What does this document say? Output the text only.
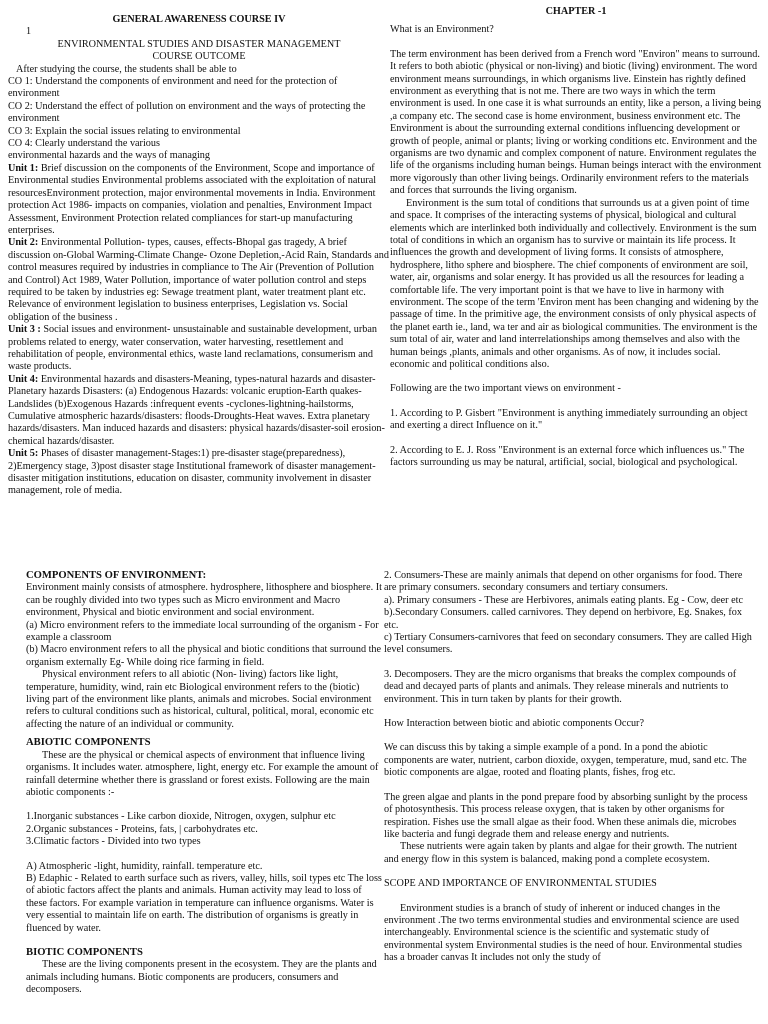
GENERAL AWARENESS COURSE IV

1

ENVIRONMENTAL STUDIES AND DISASTER MANAGEMENT

COURSE OUTCOME

After studying the course, the students shall be able to

CO 1: Understand the components of environment and need for the protection of environment

CO 2: Understand the effect of pollution on environment and the ways of protecting the environment

CO 3: Explain the social issues relating to environmental

CO 4: Clearly understand the various

environmental hazards and the ways of managing

Unit 1: Brief discussion on the components of the Environment, Scope and importance of Environmental studies Environmental problems associated with the exploitation of natural resourcesEnvironment protection, major environmental movements in India. Environment protection Act 1986- impacts on companies, violation and penalties, Environment Impact Assessment, Environment Protection related compliances for start-up manufacturing enterprises.

Unit 2: Environmental Pollution- types, causes, effects-Bhopal gas tragedy, A brief discussion on-Global Warming-Climate Change- Ozone Depletion,-Acid Rain, Standards and control measures required by industries in compliance to The Air (Prevention of Pollution and Control) Act 1989, Water Pollution, importance of water pollution control and steps required to be taken by industries eg: Sewage treatment plant, water treatment plant etc. Relevance of environment legislation to business enterprises, Legislation vs. Social obligation of the business .

Unit 3 : Social issues and environment- unsustainable and sustainable development, urban problems related to energy, water conservation, water harvesting, resettlement and rehabilitation of people, environmental ethics, waste land reclamations, consumerism and waste products.

Unit 4: Environmental hazards and disasters-Meaning, types-natural hazards and disaster-Planetary hazards Disasters: (a) Endogenous Hazards: volcanic eruption-Earth quakes-Landslides (b)Exogenous Hazards :infrequent events -cyclones-lightning-hailstorms, Cumulative atmospheric hazards/disasters: floods-Droughts-Heat waves. Extra planetary hazards/disasters. Man induced hazards and disasters: physical hazards/disaster-soil erosion-chemical hazards/disaster.

Unit 5: Phases of disaster management-Stages:1) pre-disaster stage(preparedness), 2)Emergency stage, 3)post disaster stage Institutional framework of disaster management-disaster mitigation institutions, education on disaster, community involvement in disaster management, role of media.

CHAPTER -1

What is an Environment?

The term environment has been derived from a French word "Environ" means to surround. It refers to both abiotic (physical or non-living) and biotic (living) environment. The word environment means surroundings, in which organisms live. Einstein has rightly defined environment as everything that is not me. There are two ways in which the term environment is used. In one case it is what surrounds an entity, like a person, a living being ,a company etc. The second case is home environment, business environment etc. The Environment is about the surrounding external conditions influencing development or growth of people, animal or plants; living or working conditions etc. Environment and the organisms are two dynamic and complex component of nature. Environment regulates the life of the organisms including human beings. Human beings interact with the environment more vigorously than other living beings. Ordinarily environment refers to the materials and forces that surrounds the living organism.

Environment is the sum total of conditions that surrounds us at a given point of time and space. It comprises of the interacting systems of physical, biological and cultural elements which are interlinked both individually and collectively. Environment is the sum total of conditions in which an organism has to survive or maintain its life process. It influences the growth and development of living forms. It consists of atmosphere, hydrosphere, litho sphere and biosphere. The chief components of environment are soil, water, air, organisms and solar energy. It has provided us all the resources for leading a comfortable life. The very important point is that we have to live in harmony with environment. The scope of the term 'Environ ment has been changing and widening by the passage of time. In the primitive age, the environment consists of only physical aspects of the planet earth ie., land, wa ter and air as biological communities. The environment is the sum total of air, water and land interrelationships among themselves and also with the human beings ,plants, animals and other organisms. As of now, it includes social. economic and political conditions also.

Following are the two important views on environment -

1. According to P. Gisbert "Environment is anything immediately surrounding an object and exerting a direct Influence on it."

2. According to E. J. Ross "Environment is an external force which influences us." The factors surrounding us may be natural, artificial, social, biological and psychological.

COMPONENTS OF ENVIRONMENT:

Environment mainly consists of atmosphere. hydrosphere, lithosphere and biosphere. It can be roughly divided into two types such as Micro environment and Macro environment, Physical and biotic environment and social environment.

(a) Micro environment refers to the immediate local surrounding of the organism - For example a classroom

(b) Macro environment refers to all the physical and biotic conditions that surround the organism externally Eg- While doing rice farming in field.

Physical environment refers to all abiotic (Non- living) factors like light, temperature, humidity, wind, rain etc Biological environment refers to the (biotic) living part of the environment like plants, animals and microbes. Social environment refers to cultural conditions such as historical, cultural, political, moral, economic etc affecting the nature of an individual or community.

ABIOTIC COMPONENTS

These are the physical or chemical aspects of environment that influence living organisms. It includes water. atmosphere, light, energy etc. For example the amount of rainfall determine whether there is grassland or forest exists. Following are the main abiotic components :-

1.Inorganic substances - Like carbon dioxide, Nitrogen, oxygen, sulphur etc

2.Organic substances - Proteins, fats, | carbohydrates etc.

3.Climatic factors - Divided into two types

A) Atmospheric -light, humidity, rainfall. temperature etc.

B) Edaphic - Related to earth surface such as rivers, valley, hills, soil types etc The loss of abiotic factors affect the plants and animals. Human activity may lead to loss of these factors. For example variation in temperature can influence organisms. Water is very essential to maintain life on earth. The distribution of organisms is greatly in fluenced by water.

BIOTIC COMPONENTS

These are the living components present in the ecosystem. They are the plants and animals including humans. Biotic components are producers, consumers and decomposers.

2. Consumers-These are mainly animals that depend on other organisms for food. There are primary consumers. secondary consumers and tertiary consumers.

a). Primary consumers - These are Herbivores, animals eating plants. Eg - Cow, deer etc

b).Secondary Consumers. called carnivores. They depend on herbivore, Eg. Snakes, fox etc.

c) Tertiary Consumers-carnivores that feed on secondary consumers. They are called High level consumers.

3. Decomposers. They are the micro organisms that breaks the complex compounds of dead and decayed parts of plants and animals. They release minerals and nutrients to environment. This in turn taken by plants for their growth.

How Interaction between biotic and abiotic components Occur?

We can discuss this by taking a simple example of a pond. In a pond the abiotic components are water, nutrient, carbon dioxide, oxygen, temperature, mud, sand etc. The biotic components are algae, rooted and floating plants, fishes, frog etc.

The green algae and plants in the pond prepare food by absorbing sunlight by the process of photosynthesis. This process release oxygen, that is taken by other organisms for respiration. Fishes use the small algae as their food. When these animals die, microbes like bacteria and fungi degrade them and release energy and nutrients.

These nutrients were again taken by plants and algae for their growth. The nutrient and energy flow in this system is balanced, making pond a complete ecosystem.

SCOPE AND IMPORTANCE OF ENVIRONMENTAL STUDIES

Environment studies is a branch of study of inherent or induced changes in the environment .The two terms environmental studies and environmental science are used interchangeably. Environmental science is the scientific and systematic study of environmental system Environmental studies is the need of hour. Environmental studies has a broader canvas It includes not only the study of
